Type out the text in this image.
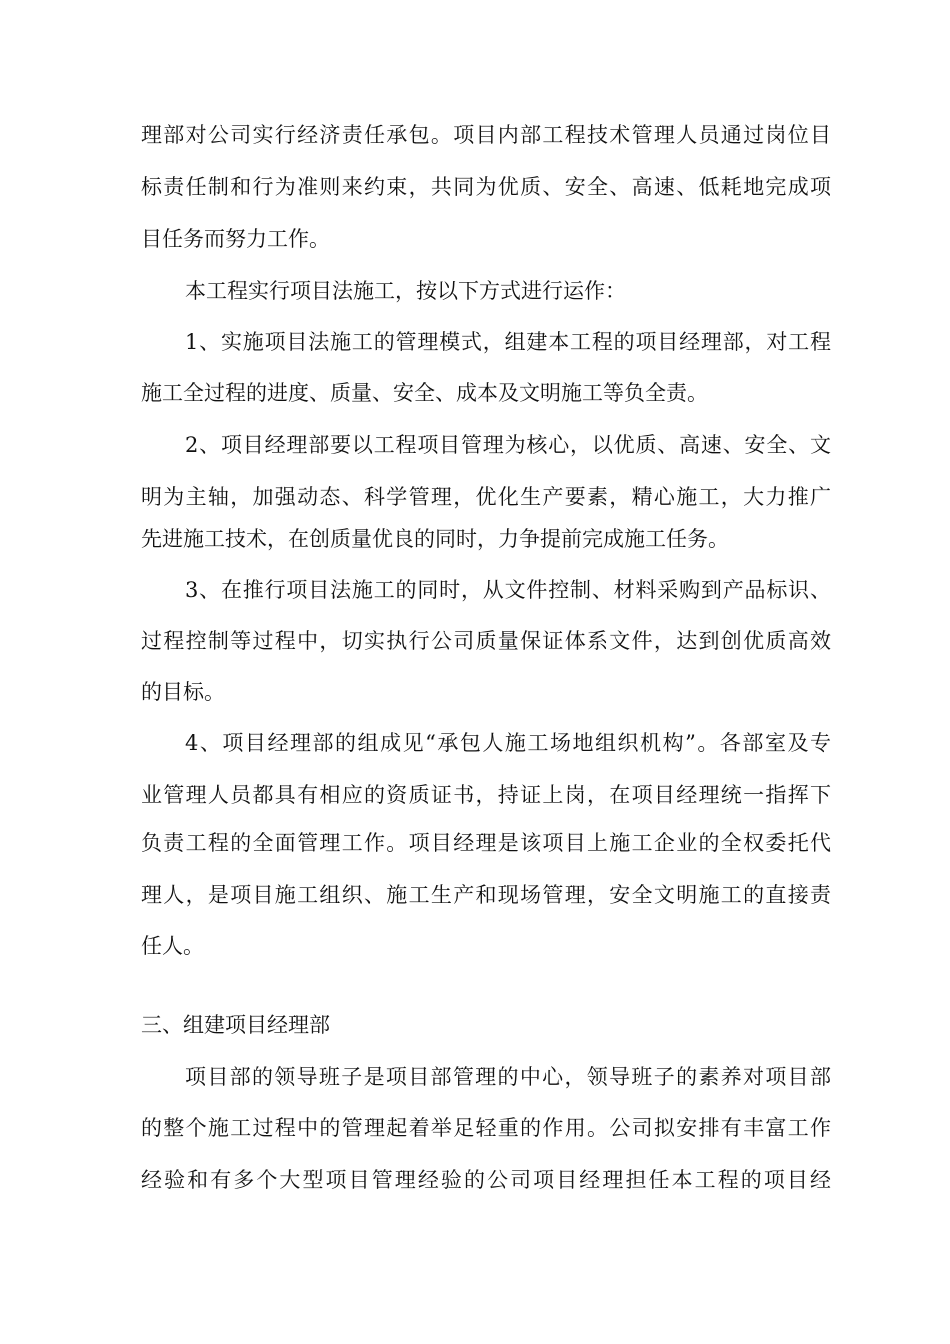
理部对公司实行经济责任承包。项目内部工程技术管理人员通过岗位目

标责任制和行为准则来约束，共同为优质、安全、高速、低耗地完成项

目任务而努力工作。

本工程实行项目法施工，按以下方式进行运作：

1、实施项目法施工的管理模式，组建本工程的项目经理部，对工程

施工全过程的进度、质量、安全、成本及文明施工等负全责。

2、项目经理部要以工程项目管理为核心，以优质、高速、安全、文

明为主轴，加强动态、科学管理，优化生产要素，精心施工，大力推广

先进施工技术，在创质量优良的同时，力争提前完成施工任务。

3、在推行项目法施工的同时，从文件控制、材料采购到产品标识、

过程控制等过程中，切实执行公司质量保证体系文件，达到创优质高效

的目标。

4、项目经理部的组成见“承包人施工场地组织机构”。各部室及专

业管理人员都具有相应的资质证书，持证上岗，在项目经理统一指挥下

负责工程的全面管理工作。项目经理是该项目上施工企业的全权委托代

理人，是项目施工组织、施工生产和现场管理，安全文明施工的直接责

任人。

三、组建项目经理部

项目部的领导班子是项目部管理的中心，领导班子的素养对项目部

的整个施工过程中的管理起着举足轻重的作用。公司拟安排有丰富工作

经验和有多个大型项目管理经验的公司项目经理担任本工程的项目经
